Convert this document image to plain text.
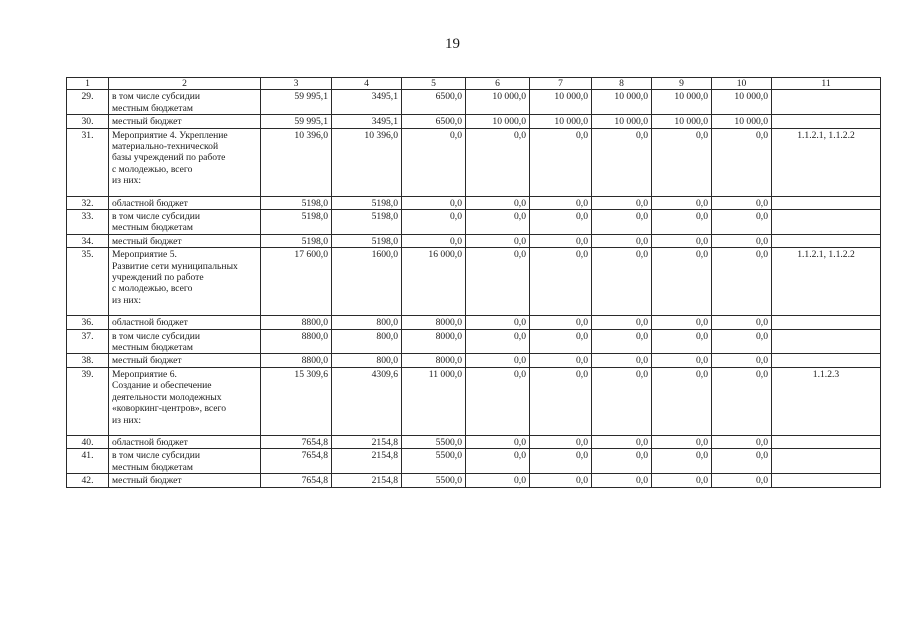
19
1	2	3	4	5	6	7	8	9	10	11
29.	в том числе субсидии
местным бюджетам	59 995,1	3495,1	6500,0	10 000,0	10 000,0	10 000,0	10 000,0	10 000,0	
30.	местный бюджет	59 995,1	3495,1	6500,0	10 000,0	10 000,0	10 000,0	10 000,0	10 000,0	
31.	Мероприятие 4. Укрепление
материально-технической
базы учреждений по работе
с молодежью, всего
из них:	10 396,0	10 396,0	0,0	0,0	0,0	0,0	0,0	0,0	1.1.2.1, 1.1.2.2
32.	областной бюджет	5198,0	5198,0	0,0	0,0	0,0	0,0	0,0	0,0	
33.	в том числе субсидии
местным бюджетам	5198,0	5198,0	0,0	0,0	0,0	0,0	0,0	0,0	
34.	местный бюджет	5198,0	5198,0	0,0	0,0	0,0	0,0	0,0	0,0	
35.	Мероприятие 5.
Развитие сети муниципальных
учреждений по работе
с молодежью, всего
из них:	17 600,0	1600,0	16 000,0	0,0	0,0	0,0	0,0	0,0	1.1.2.1, 1.1.2.2
36.	областной бюджет	8800,0	800,0	8000,0	0,0	0,0	0,0	0,0	0,0	
37.	в том числе субсидии
местным бюджетам	8800,0	800,0	8000,0	0,0	0,0	0,0	0,0	0,0	
38.	местный бюджет	8800,0	800,0	8000,0	0,0	0,0	0,0	0,0	0,0	
39.	Мероприятие 6.
Создание и обеспечение
деятельности молодежных
«коворкинг-центров», всего
из них:	15 309,6	4309,6	11 000,0	0,0	0,0	0,0	0,0	0,0	1.1.2.3
40.	областной бюджет	7654,8	2154,8	5500,0	0,0	0,0	0,0	0,0	0,0	
41.	в том числе субсидии
местным бюджетам	7654,8	2154,8	5500,0	0,0	0,0	0,0	0,0	0,0	
42.	местный бюджет	7654,8	2154,8	5500,0	0,0	0,0	0,0	0,0	0,0	
